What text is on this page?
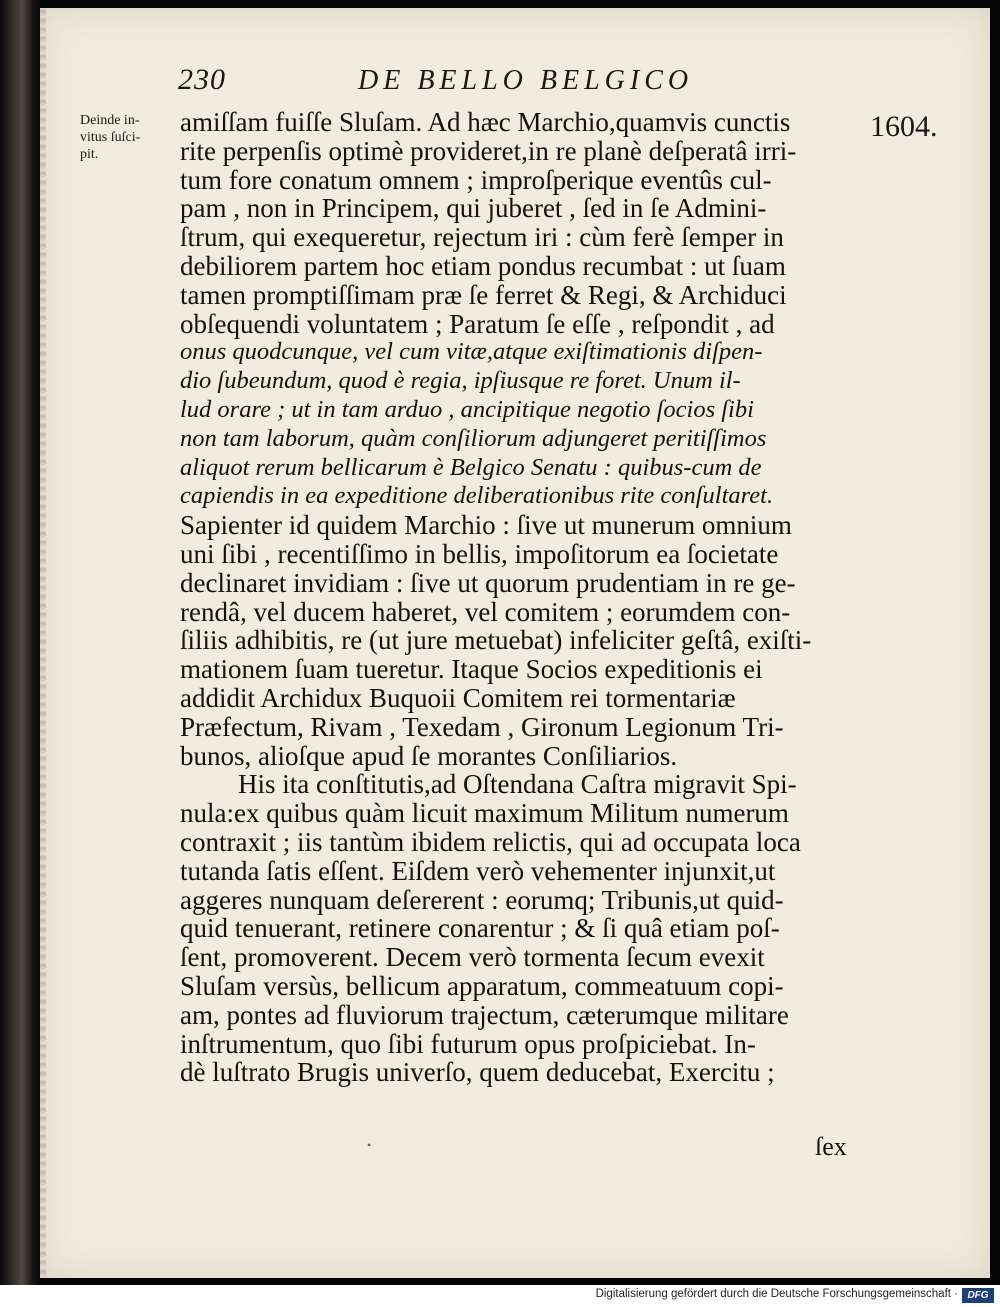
230	DE BELLO BELGICO
1604.
Deinde in-
vitus ſuſci-
pit.
amiſſam fuiſſe Sluſam. Ad hæc Marchio,quamvis cunctis
rite perpenſis optimè provideret,in re planè deſperatâ irri-
tum fore conatum omnem ; improſperique eventûs cul-
pam , non in Principem, qui juberet , ſed in ſe Admini-
ſtrum, qui exequeretur, rejectum iri : cùm ferè ſemper in
debiliorem partem hoc etiam pondus recumbat : ut ſuam
tamen promptiſſimam præ ſe ferret & Regi, & Archiduci
obſequendi voluntatem ; Paratum ſe eſſe , reſpondit , ad
onus quodcunque, vel cum vitæ,atque exiſtimationis diſpen-
dio ſubeundum, quod è regia, ipſiusque re foret. Unum il-
lud orare ; ut in tam arduo , ancipitique negotio ſocios ſibi
non tam laborum, quàm conſiliorum adjungeret peritiſſimos
aliquot rerum bellicarum è Belgico Senatu : quibus-cum de
capiendis in ea expeditione deliberationibus rite conſultaret.
Sapienter id quidem Marchio : ſive ut munerum omnium
uni ſibi , recentiſſimo in bellis, impoſitorum ea ſocietate
declinaret invidiam : ſive ut quorum prudentiam in re ge-
rendâ, vel ducem haberet, vel comitem ; eorumdem con-
ſiliis adhibitis, re (ut jure metuebat) infeliciter geſtâ, exiſti-
mationem ſuam tueretur. Itaque Socios expeditionis ei
addidit Archidux Buquoii Comitem rei tormentariæ
Præfectum, Rivam , Texedam , Gironum Legionum Tri-
bunos, alioſque apud ſe morantes Conſiliarios.
His ita conſtitutis,ad Oſtendana Caſtra migravit Spi-
nula:ex quibus quàm licuit maximum Militum numerum
contraxit ; iis tantùm ibidem relictis, qui ad occupata loca
tutanda ſatis eſſent. Eiſdem verò vehementer injunxit,ut
aggeres nunquam deſererent : eorumq; Tribunis,ut quid-
quid tenuerant, retinere conarentur ; & ſi quâ etiam poſ-
ſent, promoverent. Decem verò tormenta ſecum evexit
Sluſam versùs, bellicum apparatum, commeatuum copi-
am, pontes ad fluviorum trajectum, cæterumque militare
inſtrumentum, quo ſibi futurum opus proſpiciebat. In-
dè luſtrato Brugis univerſo, quem deducebat, Exercitu ;
•	ſex
Digitalisierung gefördert durch die Deutsche Forschungsgemeinschaft · DFG
